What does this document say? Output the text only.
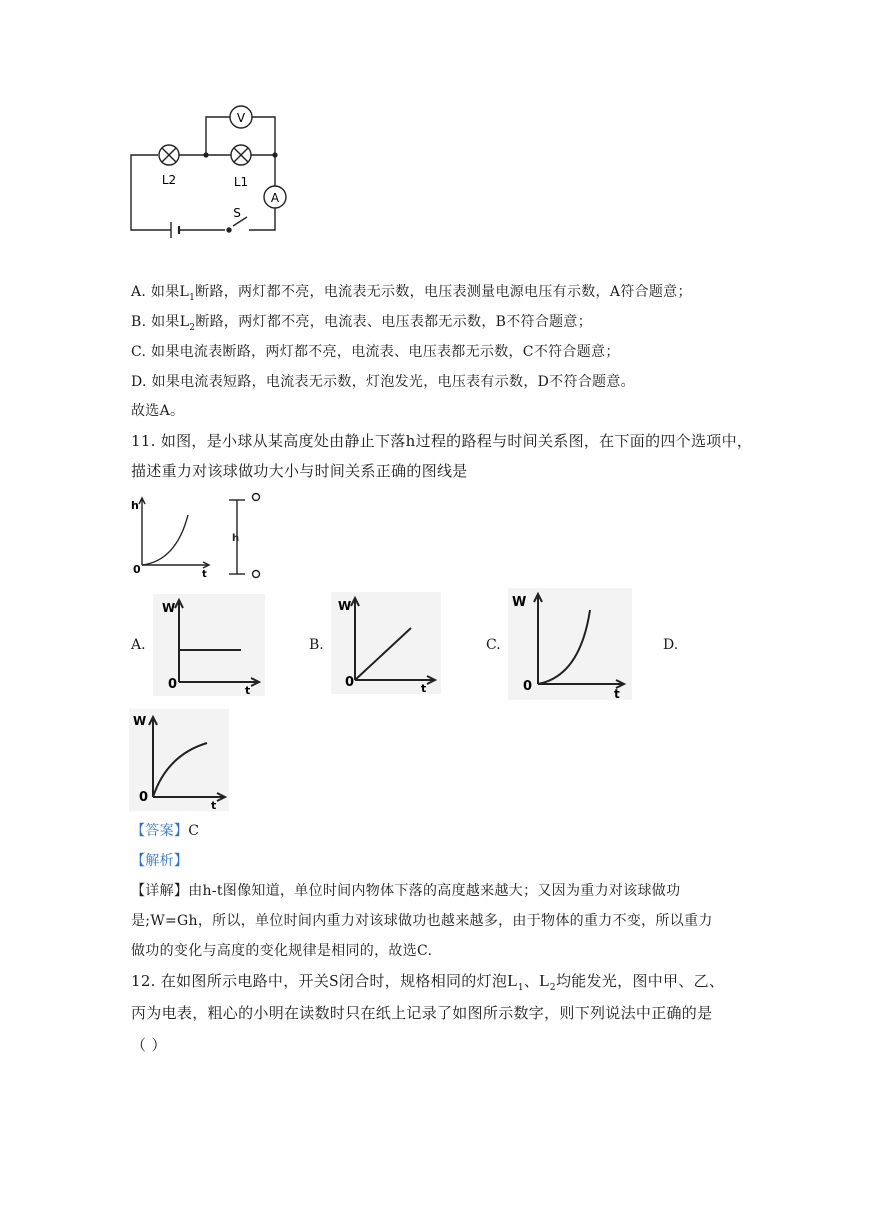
V
A
L2	L1
S
A. 如果$L_1$断路，两灯都不亮，电流表无示数，电压表测量电源电压有示数，A符合题意；
B. 如果$L_2$断路，两灯都不亮，电流表、电压表都无示数，B不符合题意；
C. 如果电流表断路，两灯都不亮，电流表、电压表都无示数，C不符合题意；
D. 如果电流表短路，电流表无示数，灯泡发光，电压表有示数，D不符合题意。
故选A。
11. 如图，是小球从某高度处由静止下落h过程的路程与时间关系图，在下面的四个选项中，
描述重力对该球做功大小与时间关系正确的图线是
h
t
0
h
A.	B.	C.	D.
W
t
0
W
t
0
W
t
0
W
t
0
【答案】C
【解析】
【详解】由h-t图像知道，单位时间内物体下落的高度越来越大；又因为重力对该球做功
是;W=Gh，所以，单位时间内重力对该球做功也越来越多，由于物体的重力不变，所以重力
做功的变化与高度的变化规律是相同的，故选C.
12. 在如图所示电路中，开关S闭合时，规格相同的灯泡$L_1$、$L_2$均能发光，图中甲、乙、
丙为电表，粗心的小明在读数时只在纸上记录了如图所示数字，则下列说法中正确的是
（ ）
